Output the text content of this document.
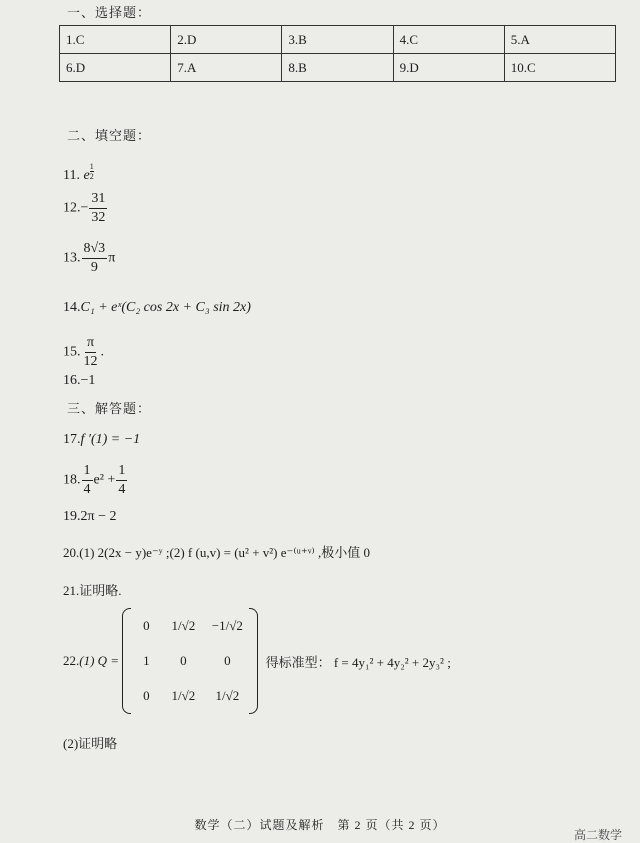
一、选择题：
1.C	2.D	3.B	4.C	5.A
6.D	7.A	8.B	9.D	10.C
二、填空题：
11. e $\frac{1}{2}$
$12.- \frac{31}{32}$
13. $\frac{8√3}{9}$ π
14.C₁ + eˣ(C₂ cos 2x + C₃ sin 2x)
15. $\frac{\pi}{12}$ .
16.−1
三、解答题：
17.f ′(1) = −1
18. $\frac{1}{4} e^2 + \frac{1}{4}$
19.2π − 2
20.(1) 2(2x − y)e⁻ʸ ;(2) f (u,v) = (u² + v²) e⁻⁽ᵘ⁺ᵛ⁾ ,极小值 0
21.证明略.
22.(1) Q =
0 1/√2 −1/√2
1 0	0
0 1/√2 1/√2
得标准型： f = 4y₁² + 4y₂² + 2y₃² ;
(2)证明略
数学（二）试题及解析　第 2 页（共 2 页）
高二数学
